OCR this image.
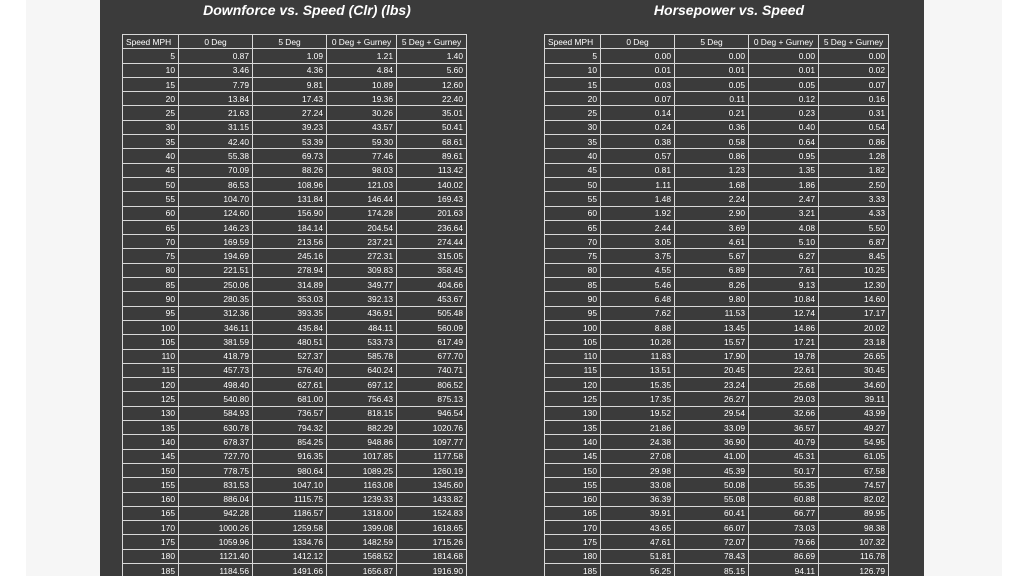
Downforce vs. Speed (Clr) (lbs)	Horsepower vs. Speed
Speed MPH	0 Deg	5 Deg	0 Deg + Gurney	5 Deg + Gurney
5	0.87	1.09	1.21	1.40
10	3.46	4.36	4.84	5.60
15	7.79	9.81	10.89	12.60
20	13.84	17.43	19.36	22.40
25	21.63	27.24	30.26	35.01
30	31.15	39.23	43.57	50.41
35	42.40	53.39	59.30	68.61
40	55.38	69.73	77.46	89.61
45	70.09	88.26	98.03	113.42
50	86.53	108.96	121.03	140.02
55	104.70	131.84	146.44	169.43
60	124.60	156.90	174.28	201.63
65	146.23	184.14	204.54	236.64
70	169.59	213.56	237.21	274.44
75	194.69	245.16	272.31	315.05
80	221.51	278.94	309.83	358.45
85	250.06	314.89	349.77	404.66
90	280.35	353.03	392.13	453.67
95	312.36	393.35	436.91	505.48
100	346.11	435.84	484.11	560.09
105	381.59	480.51	533.73	617.49
110	418.79	527.37	585.78	677.70
115	457.73	576.40	640.24	740.71
120	498.40	627.61	697.12	806.52
125	540.80	681.00	756.43	875.13
130	584.93	736.57	818.15	946.54
135	630.78	794.32	882.29	1020.76
140	678.37	854.25	948.86	1097.77
145	727.70	916.35	1017.85	1177.58
150	778.75	980.64	1089.25	1260.19
155	831.53	1047.10	1163.08	1345.60
160	886.04	1115.75	1239.33	1433.82
165	942.28	1186.57	1318.00	1524.83
170	1000.26	1259.58	1399.08	1618.65
175	1059.96	1334.76	1482.59	1715.26
180	1121.40	1412.12	1568.52	1814.68
185	1184.56	1491.66	1656.87	1916.90
Speed MPH	0 Deg	5 Deg	0 Deg + Gurney	5 Deg + Gurney
5	0.00	0.00	0.00	0.00
10	0.01	0.01	0.01	0.02
15	0.03	0.05	0.05	0.07
20	0.07	0.11	0.12	0.16
25	0.14	0.21	0.23	0.31
30	0.24	0.36	0.40	0.54
35	0.38	0.58	0.64	0.86
40	0.57	0.86	0.95	1.28
45	0.81	1.23	1.35	1.82
50	1.11	1.68	1.86	2.50
55	1.48	2.24	2.47	3.33
60	1.92	2.90	3.21	4.33
65	2.44	3.69	4.08	5.50
70	3.05	4.61	5.10	6.87
75	3.75	5.67	6.27	8.45
80	4.55	6.89	7.61	10.25
85	5.46	8.26	9.13	12.30
90	6.48	9.80	10.84	14.60
95	7.62	11.53	12.74	17.17
100	8.88	13.45	14.86	20.02
105	10.28	15.57	17.21	23.18
110	11.83	17.90	19.78	26.65
115	13.51	20.45	22.61	30.45
120	15.35	23.24	25.68	34.60
125	17.35	26.27	29.03	39.11
130	19.52	29.54	32.66	43.99
135	21.86	33.09	36.57	49.27
140	24.38	36.90	40.79	54.95
145	27.08	41.00	45.31	61.05
150	29.98	45.39	50.17	67.58
155	33.08	50.08	55.35	74.57
160	36.39	55.08	60.88	82.02
165	39.91	60.41	66.77	89.95
170	43.65	66.07	73.03	98.38
175	47.61	72.07	79.66	107.32
180	51.81	78.43	86.69	116.78
185	56.25	85.15	94.11	126.79
